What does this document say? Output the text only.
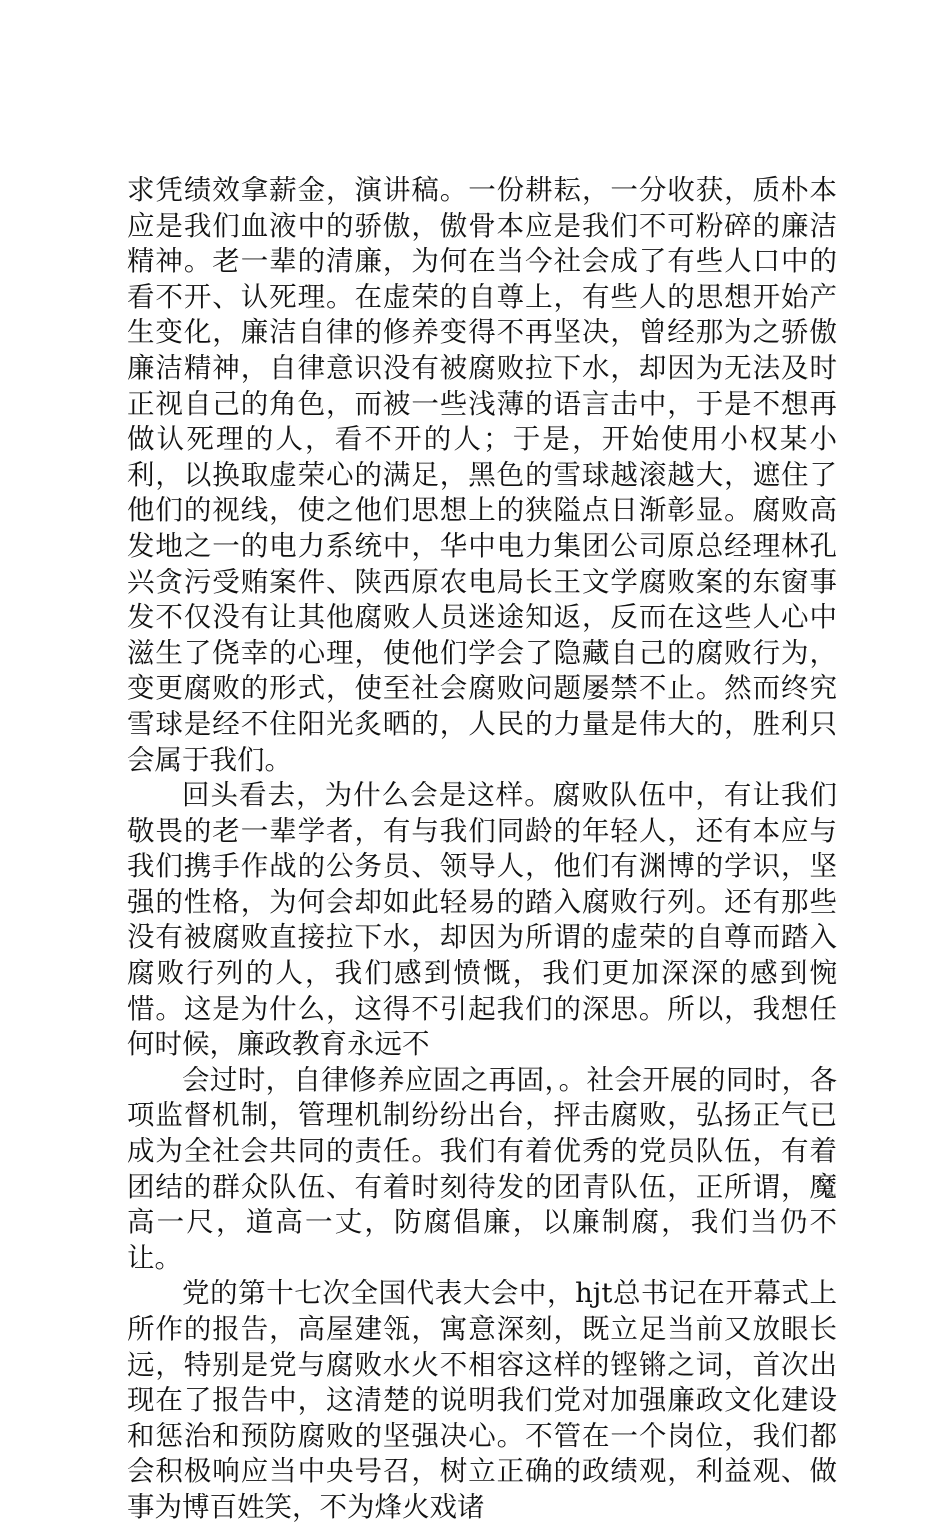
求凭绩效拿薪金，演讲稿。一份耕耘，一分收获，质朴本应是我们血液中的骄傲，傲骨本应是我们不可粉碎的廉洁精神。老一辈的清廉，为何在当今社会成了有些人口中的看不开、认死理。在虚荣的自尊上，有些人的思想开始产生变化，廉洁自律的修养变得不再坚决，曾经那为之骄傲廉洁精神，自律意识没有被腐败拉下水，却因为无法及时正视自己的角色，而被一些浅薄的语言击中，于是不想再做认死理的人，看不开的人；于是，开始使用小权某小利，以换取虚荣心的满足，黑色的雪球越滚越大，遮住了他们的视线，使之他们思想上的狭隘点日渐彰显。腐败高发地之一的电力系统中，华中电力集团公司原总经理林孔兴贪污受贿案件、陕西原农电局长王文学腐败案的东窗事发不仅没有让其他腐败人员迷途知返，反而在这些人心中滋生了侥幸的心理，使他们学会了隐藏自己的腐败行为，变更腐败的形式，使至社会腐败问题屡禁不止。然而终究雪球是经不住阳光炙晒的，人民的力量是伟大的，胜利只会属于我们。

回头看去，为什么会是这样。腐败队伍中，有让我们敬畏的老一辈学者，有与我们同龄的年轻人，还有本应与我们携手作战的公务员、领导人，他们有渊博的学识，坚强的性格，为何会却如此轻易的踏入腐败行列。还有那些没有被腐败直接拉下水，却因为所谓的虚荣的自尊而踏入腐败行列的人，我们感到愤慨，我们更加深深的感到惋惜。这是为什么，这得不引起我们的深思。所以，我想任何时候，廉政教育永远不

会过时，自律修养应固之再固，。社会开展的同时，各项监督机制，管理机制纷纷出台，抨击腐败，弘扬正气已成为全社会共同的责任。我们有着优秀的党员队伍，有着团结的群众队伍、有着时刻待发的团青队伍，正所谓，魔高一尺，道高一丈，防腐倡廉，以廉制腐，我们当仍不让。

党的第十七次全国代表大会中，hjt总书记在开幕式上所作的报告，高屋建瓴，寓意深刻，既立足当前又放眼长远，特别是党与腐败水火不相容这样的铿锵之词，首次出现在了报告中，这清楚的说明我们党对加强廉政文化建设和惩治和预防腐败的坚强决心。不管在一个岗位，我们都会积极响应当中央号召，树立正确的政绩观，利益观、做事为博百姓笑，不为烽火戏诸
